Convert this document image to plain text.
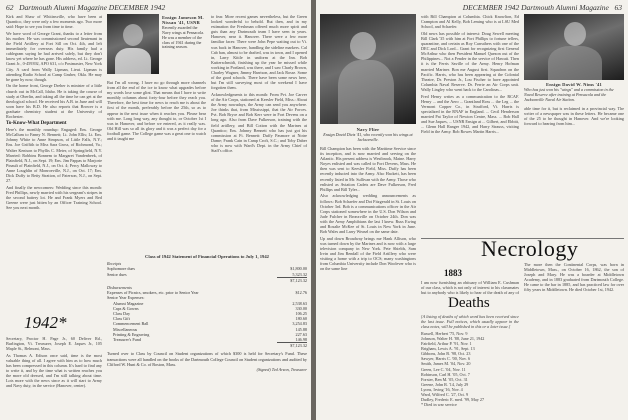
62 Dartmouth Alumni Magazine DECEMBER 1942

Kirk and Shaw of Whitinsville, who have been at Quantico, they were only a few moments ago. Two more said: Hope to see you from time to time.

We have word of George Grant, thanks to a letter from his mother. He was commissioned second lieutenant in the Field Artillery at Fort Sill on Oct. 4th, and left immediately for overseas duty. His family had a cablegram saying he had arrived safely, but they don't know yet where he has gone. His address, ed. Lt. George Grant Jr., 0-459392, APO 631, c/o Postmaster, New York City. A card from Wally Lipman, Lieut. Lipman is attending Radio School at Camp Gruber, Okla. He may be gone by now, though.

On the home front, George Dreher is minister of a little church out in McCall, Idaho. He is taking the course of study at Oberlin, and taking all the time he can get at the theological school. He received his A.B. in June and will soon have his B.D. He also reports that Brower is a graduate chemistry student at the University of Rochester.

To-Know-What Department

Here's the monthly roundup: Engaged: Ens. George McCallum to Fanny N. Bennett; Lt. John Ellis; Lt. Ens. Johnny White to Anne Simpson, of Little Falls, N.Y.; Ens. Joe Griffith to Miss Sara Gross, of Richmond, Va.; Walter Kenison to Phyllis C. Meier, of Springfield, N.Y. Married: Robbins Bonnem to Margaret Vandenbeek, of Plainfield, N.J., on Sept. 19; Ens. Jim Pappas to Marjorie Pinault of Plainfield, N.J., on Oct. 4; Percy Malloway to Anne Loughlin of Monroeville, N.J., on Oct. 17; Ens. Dick Duffy to Betty Stratton, of Paterson, N.J., on Sept. 27.

And finally the newcomers: Wedding since this month: Fred Phillips, newly married with his sergeant's stripes in the second battery lot. He and Frank Myers and Red Greene were just bitten by an Officer Training School. See you next month.

1942*

Secretary, Proctor H. Page Jr., 60 Deliver Rd., Burlington, Vt. Treasurer, Joseph E. Jaques Jr., 105 Maple St., Belmont, Mass.

As Thomas A. Edison once said, time is the most valuable thing of all. I agree with him as to how much has been compressed in this column. It's hard to find any to write it, and by the time what is written reaches you the more old dressed, and I'm still talking about time. Lots more with the news since as it will start to Army and Navy duty, in the service (Hanover, center).

Ensign Jameson M. Nissan '41, USNR
Recently awarded the Navy wings at Pensacola. He was a member of the class of 1941 during the training season.

But I'm all wrong. I have no go through more channels from all the end of the ice to know what upgrades before my words lose some glint. That means that I have to write monthly columns about forty-four before they reach you. Therefore, the best time for news to reach me is about the first of the month, preferably before the 25th, so as to appear in the next issue when it reaches you. Please bear with me. Long long way, any thought to, or October 1st I was in Hanover, and before we entered, as it really was. Old Hill was so all its glory and it was a perfect day for a football game. The College game was a great one to watch and it taught me

to fear. More recent games nevertheless, but the Green looked wonderful to behold. But then, and in my estimation the Freshman offered much more spirit and guts than any Dartmouth team I have seen in years. Hanover, near it. Hanover. There were a few more familiar faces: There were John Pepe waiting out to Vt. was back in Hanover, handling the sideline markers. Cal Cab ban, almost to be drafted, was in town, and I opened in, Larry Kittle in uniform at the Inn. Bob Kutterschmidt, finishing up the year he missed while working in Portland, was there, and I saw Charly Brown, Charley Wagner, Jimmy Harrison, and Jack Rosse. Some of the good schools. There have been some news here, but I'm still surveying most of the weekend I have forgotten them.

Acknowledgments to this month: From Pvt. Joe Carver of the Air Corps, stationed at Keesler Field, Miss.: About the Army nowadays, the Army can send you anywhere. Joe thinks that, from Mississippi, that the Air Forces. Pvt. Bob Bryce and Bob Kerr were in Fort Devens on a long ago. Also from Dave Fulkerson, training with the field artillery, and Bill Cotton with the Marines at Quantico; Ens. Johnny Bennett who has just got his commission at Ft. Bennett: Duffy Pasmore at Notre Dame; Frank Cain in Camp Croft, S.C.; and Toby Daber who is now with Ward's Dept. in the Army Chief of Staff's office.

Class of 1942 Statement of Financial Operations to July 1, 1942
Receipts
Sophomore dues	$1,800.00
Senior dues	5,323.32
$7,123.32
Disbursements
Expenses of Picnics, smokers, etc. prior to Senior Year	$12.76
Senior Year Expenses:
Alumni Magazine	2,538.63
Caps & Gowns	330.00
Class Day	106.25
Class Gift	180.60
Commencement Ball	3,254.83
Miscellaneous	145.88
Printing & Engraving	227.63
Treasurer's Fund	146.98
$7,123.32

Turned over to Class by Council on Student organizations of which $300 is held for Secretary's Fund. These transactions were all handled on the books of the Dartmouth College Council on Student organizations and audited by Clifford W. Hunt & Co. of Boston, Mass.

(Signed) Ted Arzon, Treasurer

DECEMBER 1942 Dartmouth Alumni Magazine 63
Navy Flier
Ensign David Dietz '41, who recently won his wings at Jacksonville.

Bill Champion has been with the Maritime Service since its inception, and is now married and serving on the Atlantic. His present address is Westbrook, Maine. Harry Noyes enlisted and was called to Fort Devens, Mass. He then was sent to Keesler Field, Miss. Duffy has been recently inducted into the Army. Also Hackett, has been recently listed in Mr. Sullivan with the Army. Those who enlisted as Aviation Cadets are Dave Fulkerson, Fred Phillips and Bill Tyler...

Also acknowledging wedding announcements as follows: Bob Schaefer and Dot Fitzgerald in St. Louis on October 3rd. Bob is a communications officer in the Air Corps stationed somewhere in the U.S. Don Wilson and Jude Fulcher in Bronxville on October 24th. Don was with the Army Amphibians the last I knew. Russ Ewing and Rosalie McKee of St. Louis in New York in June. Bob Wales and Larry Weasel on the same date.

Up and down Broadway brings me Hank Allison, who was turned down by the Marines and is now with a large television company in New York. Pete Shields, Sam Irvin and Jim Rendall of the Field Artillery who were visiting a home with a trip to OCS; many washingtons from Columbia University include Don Woolever who is on the same line

with Bill Champion at Columbia. Chick Knowlton, Ed Crampton and Al Kelly, Bob Leming who is at LSU Med School, and Schaefer.

Old news has possible of interest: Doug Sewell meeting Bill Clark '35 with him at Fort Phillips to fortune tellers, quarantine, and certain as Roy Carruthers with one of the DEC and Dick Lord... Grant for recognizing first General McArthur who then President Manuel Quezon out of the Philippines... Not a Fender in the service of Hawaii. Then it is the Ferris Saville of the Army. Henry Hofman married Mariner. Bon me August first. Squadron on the Pacific. Harris, who has been appearing at the Colonial Theatre, Dr. Preston Jr., Lou Fischer to have appointed Columbia Naval Reserve. Dr. Ferrie an Air Corps unit. Wally Lingley who went back to the Carolinas...

Fred Henry writes as a communication to the RCAF. Henry ... and the Aero ... Grantland Ross ... the Leg ... the Vermont Copper Co., in Strafford, Vt. Harris is specialized in the RNAF in England. ... Cecil Henderson married Pat Taylor of Newton Centre, Mass. ... Bob Hall and Sue Jaques, ... USNR Ensign at ... Gilbert, and Ebbitt, ... Glenn Hall Ranger 1942, and Harry Strauss, visiting Field in the Army. Bob Rowes Martin Harris...

Ensign David W. Nims '41
Who has just won his "wings" and a commission in the Naval Reserve after training at Pensacola and the Jacksonville Naval Air Station.

able time for it, but is reclaimed in a provincial way. The writer of a newspaper was in these letters. He became one of the 25 to be thought in Hanover. And we're looking forward to hearing from him...

Necrology
1883

I am now furnishing an obituary of William E. Cushman of our class, which is not only of interest to his classmates but to anybody who is likely to hear of the death of any of

Deaths

[A listing of deaths of which word has been received since the last issue. Full notices, which usually appear in the class notes, will be published in this or a later issue.]

Russell, Herbert '75, Nov. 9
Johnson, Walter H. '88, June 21, 1942
Fairfield, Arthur P. '91, Nov. 1
Brigham, Lewis A. '91, Sept. 13
Gibbons, John B. '98, Oct. 23
Sawyer, Harris C. '00, Nov. 6
Smith, James M. '04, Nov. 20
Green, Lee C. '04, Nov. 11
Robinson, Carl H. '05, Oct. 7
Forster, Ben M. '05, Oct. 31
Greene, John R. '14, July 29
Lyons, Irving '16, Nov. 4
Ward, Wilfred C. '27, Oct. 9
Dudley, Frederic E. med. '99, May 27
* Died in war service

The more then the Continental Corps, was born in Middletown, Mass., on October 16, 1862, the son of Joseph and Mary. He was a boarder at Middletown Academy, and in 1883 graduated from Dartmouth College. He came to the bar in 1885, and has practiced law for over fifty years in Middletown. He died October 1st, 1942.
